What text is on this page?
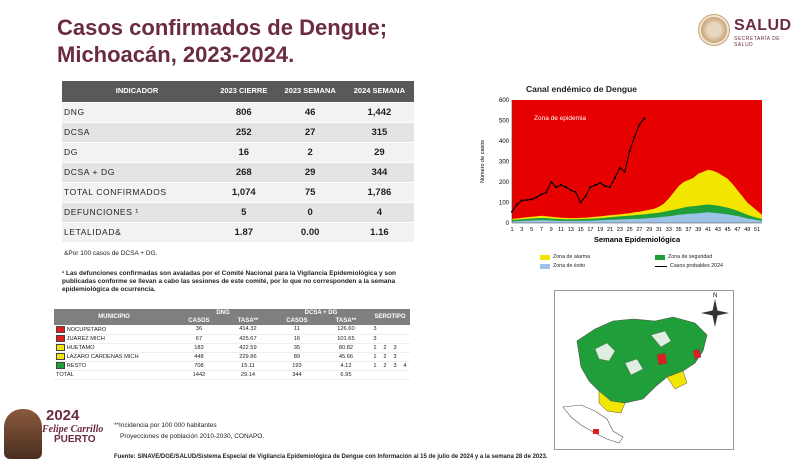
Casos confirmados de Dengue;
Michoacán, 2023-2024.
SALUD
SECRETARÍA DE SALUD
INDICADOR	2023 CIERRE	2023 SEMANA	2024 SEMANA
DNG	806	46	1,442
DCSA	252	27	315
DG	16	2	29
DCSA + DG	268	29	344
TOTAL CONFIRMADOS	1,074	75	1,786
DEFUNCIONES ¹	5	0	4
LETALIDAD&	1.87	0.00	1.16
&Por 100 casos de DCSA + DG.
¹ Las defunciones confirmadas son avaladas por el Comité Nacional para la Vigilancia Epidemiológica y son publicadas conforme se llevan a cabo las sesiones de este comité, por lo que no corresponden a la semana epidemiológica de ocurrencia.
MUNICIPIO	DNG		DCSA + DG		SEROTIPO			
	CASOS	TASA**	CASOS	TASA**				
NOCUPETARO	36	414.32	11	126.60	3			
JUAREZ MICH	67	425.67	16	101.65	3			
HUETAMO	183	422.59	35	80.82	1	2	3	
LAZARO CARDENAS MICH	448	229.86	89	45.66	1	2	3	
RESTO	708	15.11	193	4.12	1	2	3	4
TOTAL	1442	29.14	344	6.95				
**Incidencia por 100 000 habitantes
Proyecciones de población 2010-2030, CONAPO.
2024
Felipe Carrillo
PUERTO
Fuente: SINAVE/DGE/SALUD/Sistema Especial de Vigilancia Epidemiológica de Dengue con Información al 15 de julio de 2024 y a la semana 28 de 2023.
0
100
200
300
400
500
600
1 3 5 7 9 11 13 15 17 19 21 23 25 27 29 31 33 35 37 39 41 43 45 47 49 51
Semana Epidemiológica
Número de casos
Zona de epidemia
Canal endémico de Dengue
Zona de alarma	Zona de seguridad
Zona de éxito	Casos probables 2024
N
